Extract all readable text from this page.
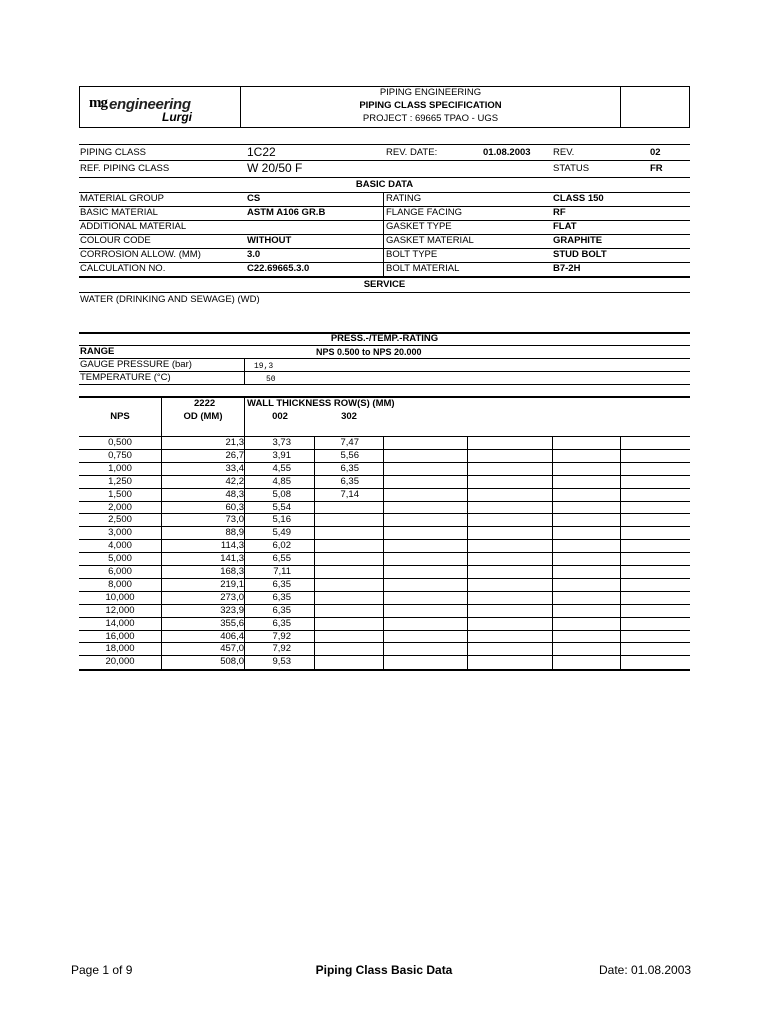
mg engineering
Lurgi
PIPING ENGINEERING
PIPING CLASS SPECIFICATION
PROJECT : 69665 TPAO - UGS
PIPING CLASS	1C22	REV. DATE:	01.08.2003 REV.	02
REF. PIPING CLASS	W 20/50 F	STATUS	FR
BASIC DATA
MATERIAL GROUP	CS	RATING	CLASS 150
BASIC MATERIAL	ASTM A106 GR.B	FLANGE FACING	RF
ADDITIONAL MATERIAL	GASKET TYPE	FLAT
COLOUR CODE	WITHOUT	GASKET MATERIAL	GRAPHITE
CORROSION ALLOW. (MM)	3.0	BOLT TYPE	STUD BOLT
CALCULATION NO.	C22.69665.3.0	BOLT MATERIAL	B7-2H
SERVICE
WATER (DRINKING AND SEWAGE) (WD)
PRESS.-/TEMP.-RATING
RANGE	NPS 0.500 to NPS 20.000
GAUGE PRESSURE (bar)	19,3
TEMPERATURE (°C)	50
2222	WALL THICKNESS ROW(S) (MM)
NPS	OD (MM)	002	302
0,500	21,3	3,73	7,47
0,750	26,7	3,91	5,56
1,000	33,4	4,55	6,35
1,250	42,2	4,85	6,35
1,500	48,3	5,08	7,14
2,000	60,3	5,54
2,500	73,0	5,16
3,000	88,9	5,49
4,000	114,3	6,02
5,000	141,3	6,55
6,000	168,3	7,11
8,000	219,1	6,35
10,000	273,0	6,35
12,000	323,9	6,35
14,000	355,6	6,35
16,000	406,4	7,92
18,000	457,0	7,92
20,000	508,0	9,53
Page 1 of 9	Piping Class Basic Data	Date: 01.08.2003
